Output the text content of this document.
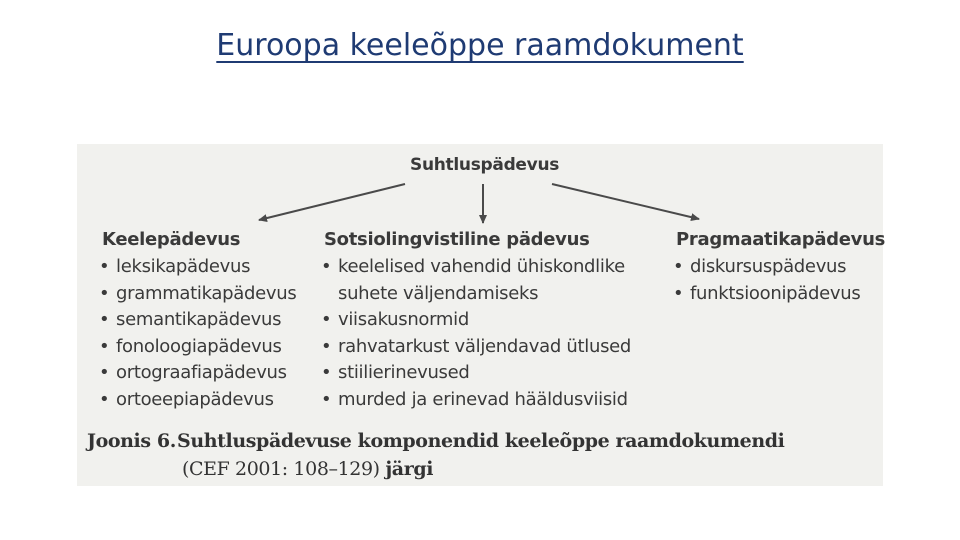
Euroopa keeleõppe raamdokument
Suhtluspädevus
Keelepädevus
• leksikapädevus
• grammatikapädevus
• semantikapädevus
• fonoloogiapädevus
• ortograafiapädevus
• ortoeepiapädevus
Sotsiolingvistiline pädevus
• keelelised vahendid ühiskondlike
suhete väljendamiseks
• viisakusnormid
• rahvatarkust väljendavad ütlused
• stiilierinevused
• murded ja erinevad hääldusviisid
Pragmaatikapädevus
• diskursuspädevus
• funktsioonipädevus
Joonis 6.Suhtluspädevuse komponendid keeleõppe raamdokumendi
(CEF 2001: 108–129) järgi
